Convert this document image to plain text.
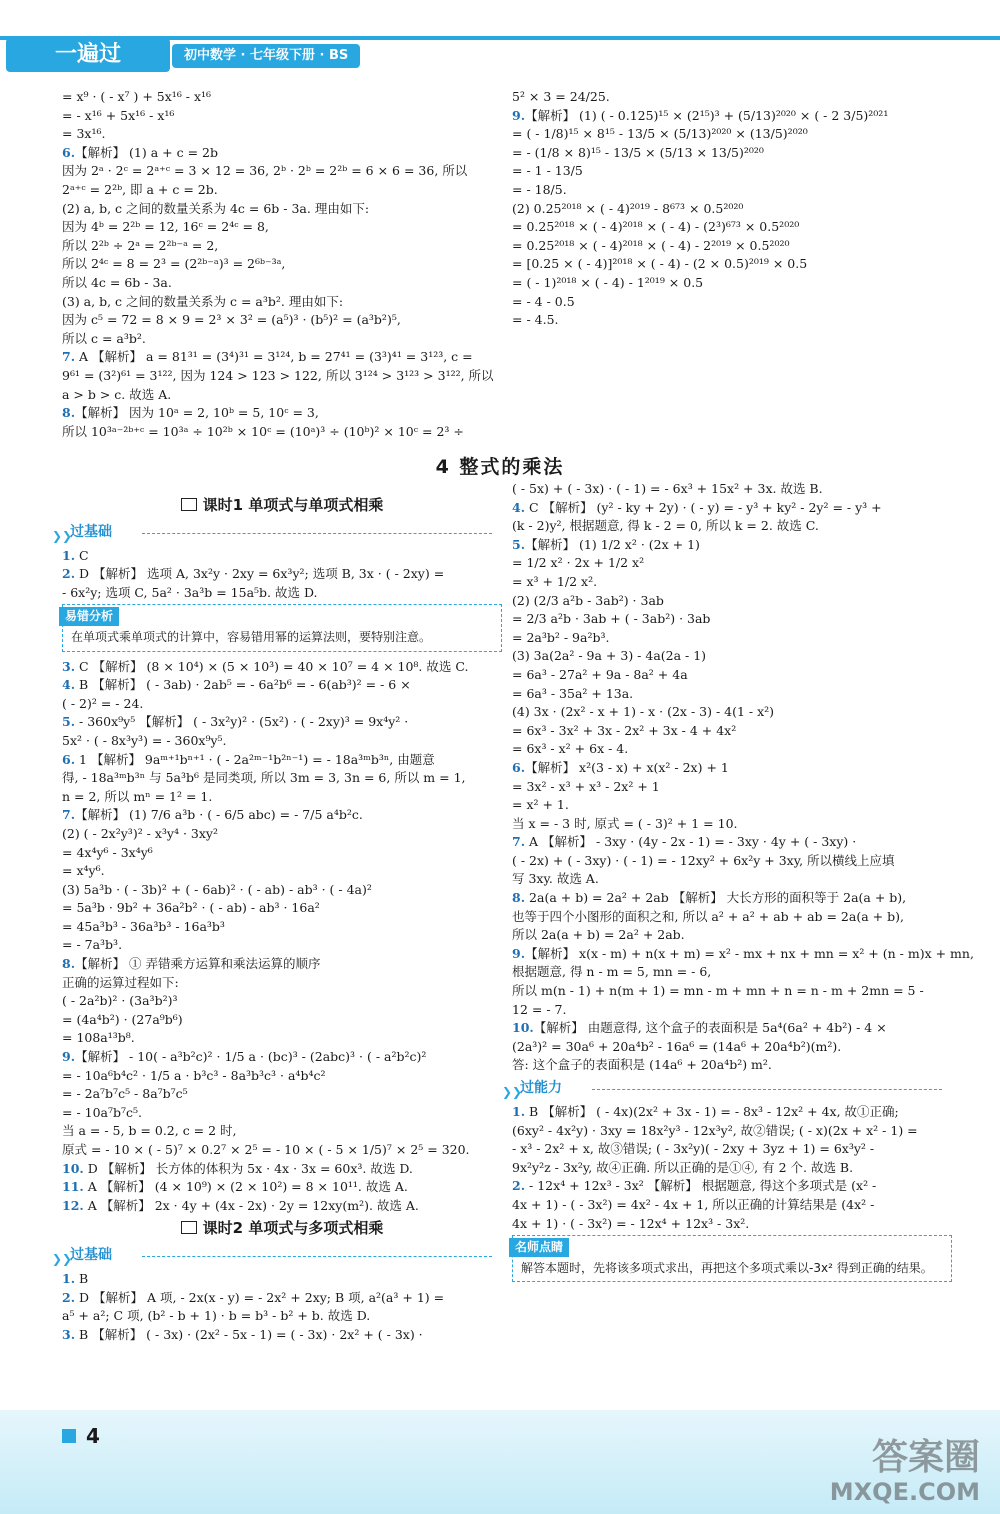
一遍过	初中数学 · 七年级下册 · BS

= x⁹ · ( - x⁷ ) + 5x¹⁶ - x¹⁶

= - x¹⁶ + 5x¹⁶ - x¹⁶

= 3x¹⁶.

6.【解析】 (1) a + c = 2b

因为 2ᵃ · 2ᶜ = 2ᵃ⁺ᶜ = 3 × 12 = 36, 2ᵇ · 2ᵇ = 2²ᵇ = 6 × 6 = 36, 所以

2ᵃ⁺ᶜ = 2²ᵇ, 即 a + c = 2b.

(2) a, b, c 之间的数量关系为 4c = 6b - 3a. 理由如下:

因为 4ᵇ = 2²ᵇ = 12, 16ᶜ = 2⁴ᶜ = 8,

所以 2²ᵇ ÷ 2ᵃ = 2²ᵇ⁻ᵃ = 2,

所以 2⁴ᶜ = 8 = 2³ = (2²ᵇ⁻ᵃ)³ = 2⁶ᵇ⁻³ᵃ,

所以 4c = 6b - 3a.

(3) a, b, c 之间的数量关系为 c = a³b². 理由如下:

因为 c⁵ = 72 = 8 × 9 = 2³ × 3² = (a⁵)³ · (b⁵)² = (a³b²)⁵,

所以 c = a³b².

7. A 【解析】 a = 81³¹ = (3⁴)³¹ = 3¹²⁴, b = 27⁴¹ = (3³)⁴¹ = 3¹²³, c =

9⁶¹ = (3²)⁶¹ = 3¹²², 因为 124 > 123 > 122, 所以 3¹²⁴ > 3¹²³ > 3¹²², 所以

a > b > c. 故选 A.

8.【解析】 因为 10ᵃ = 2, 10ᵇ = 5, 10ᶜ = 3,

所以 10³ᵃ⁻²ᵇ⁺ᶜ = 10³ᵃ ÷ 10²ᵇ × 10ᶜ = (10ᵃ)³ ÷ (10ᵇ)² × 10ᶜ = 2³ ÷

5² × 3 = 24/25.

9.【解析】 (1) ( - 0.125)¹⁵ × (2¹⁵)³ + (5/13)²⁰²⁰ × ( - 2 3/5)²⁰²¹

= ( - 1/8)¹⁵ × 8¹⁵ - 13/5 × (5/13)²⁰²⁰ × (13/5)²⁰²⁰

= - (1/8 × 8)¹⁵ - 13/5 × (5/13 × 13/5)²⁰²⁰

= - 1 - 13/5

= - 18/5.

(2) 0.25²⁰¹⁸ × ( - 4)²⁰¹⁹ - 8⁶⁷³ × 0.5²⁰²⁰

= 0.25²⁰¹⁸ × ( - 4)²⁰¹⁸ × ( - 4) - (2³)⁶⁷³ × 0.5²⁰²⁰

= 0.25²⁰¹⁸ × ( - 4)²⁰¹⁸ × ( - 4) - 2²⁰¹⁹ × 0.5²⁰²⁰

= [0.25 × ( - 4)]²⁰¹⁸ × ( - 4) - (2 × 0.5)²⁰¹⁹ × 0.5

= ( - 1)²⁰¹⁸ × ( - 4) - 1²⁰¹⁹ × 0.5

= - 4 - 0.5

= - 4.5.

4 整式的乘法

课时1 单项式与单项式相乘

❯❯
过基础

1. C

2. D 【解析】 选项 A, 3x²y · 2xy = 6x³y²; 选项 B, 3x · ( - 2xy) =

- 6x²y; 选项 C, 5a² · 3a³b = 15a⁵b. 故选 D.

易错分析

在单项式乘单项式的计算中，容易错用幂的运算法则，要特别注意。

3. C 【解析】 (8 × 10⁴) × (5 × 10³) = 40 × 10⁷ = 4 × 10⁸. 故选 C.

4. B 【解析】 ( - 3ab) · 2ab⁵ = - 6a²b⁶ = - 6(ab³)² = - 6 ×

( - 2)² = - 24.

5. - 360x⁹y⁵ 【解析】 ( - 3x²y)² · (5x²) · ( - 2xy)³ = 9x⁴y² ·

5x² · ( - 8x³y³) = - 360x⁹y⁵.

6. 1 【解析】 9aᵐ⁺¹bⁿ⁺¹ · ( - 2a²ᵐ⁻¹b²ⁿ⁻¹) = - 18a³ᵐb³ⁿ, 由题意

得, - 18a³ᵐb³ⁿ 与 5a³b⁶ 是同类项, 所以 3m = 3, 3n = 6, 所以 m = 1,

n = 2, 所以 mⁿ = 1² = 1.

7.【解析】 (1) 7/6 a³b · ( - 6/5 abc) = - 7/5 a⁴b²c.

(2) ( - 2x²y³)² - x³y⁴ · 3xy²

= 4x⁴y⁶ - 3x⁴y⁶

= x⁴y⁶.

(3) 5a³b · ( - 3b)² + ( - 6ab)² · ( - ab) - ab³ · ( - 4a)²

= 5a³b · 9b² + 36a²b² · ( - ab) - ab³ · 16a²

= 45a³b³ - 36a³b³ - 16a³b³

= - 7a³b³.

8.【解析】 ① 弄错乘方运算和乘法运算的顺序

正确的运算过程如下:

( - 2a²b)² · (3a³b²)³

= (4a⁴b²) · (27a⁹b⁶)

= 108a¹³b⁸.

9.【解析】 - 10( - a³b²c)² · 1/5 a · (bc)³ - (2abc)³ · ( - a²b²c)²

= - 10a⁶b⁴c² · 1/5 a · b³c³ - 8a³b³c³ · a⁴b⁴c²

= - 2a⁷b⁷c⁵ - 8a⁷b⁷c⁵

= - 10a⁷b⁷c⁵.

当 a = - 5, b = 0.2, c = 2 时,

原式 = - 10 × ( - 5)⁷ × 0.2⁷ × 2⁵ = - 10 × ( - 5 × 1/5)⁷ × 2⁵ = 320.

10. D 【解析】 长方体的体积为 5x · 4x · 3x = 60x³. 故选 D.

11. A 【解析】 (4 × 10⁹) × (2 × 10²) = 8 × 10¹¹. 故选 A.

12. A 【解析】 2x · 4y + (4x - 2x) · 2y = 12xy(m²). 故选 A.

课时2 单项式与多项式相乘

❯❯
过基础

1. B

2. D 【解析】 A 项, - 2x(x - y) = - 2x² + 2xy; B 项, a²(a³ + 1) =

a⁵ + a²; C 项, (b² - b + 1) · b = b³ - b² + b. 故选 D.

3. B 【解析】 ( - 3x) · (2x² - 5x - 1) = ( - 3x) · 2x² + ( - 3x) ·

( - 5x) + ( - 3x) · ( - 1) = - 6x³ + 15x² + 3x. 故选 B.

4. C 【解析】 (y² - ky + 2y) · ( - y) = - y³ + ky² - 2y² = - y³ +

(k - 2)y², 根据题意, 得 k - 2 = 0, 所以 k = 2. 故选 C.

5.【解析】 (1) 1/2 x² · (2x + 1)

= 1/2 x² · 2x + 1/2 x²

= x³ + 1/2 x².

(2) (2/3 a²b - 3ab²) · 3ab

= 2/3 a²b · 3ab + ( - 3ab²) · 3ab

= 2a³b² - 9a²b³.

(3) 3a(2a² - 9a + 3) - 4a(2a - 1)

= 6a³ - 27a² + 9a - 8a² + 4a

= 6a³ - 35a² + 13a.

(4) 3x · (2x² - x + 1) - x · (2x - 3) - 4(1 - x²)

= 6x³ - 3x² + 3x - 2x² + 3x - 4 + 4x²

= 6x³ - x² + 6x - 4.

6.【解析】 x²(3 - x) + x(x² - 2x) + 1

= 3x² - x³ + x³ - 2x² + 1

= x² + 1.

当 x = - 3 时, 原式 = ( - 3)² + 1 = 10.

7. A 【解析】 - 3xy · (4y - 2x - 1) = - 3xy · 4y + ( - 3xy) ·

( - 2x) + ( - 3xy) · ( - 1) = - 12xy² + 6x²y + 3xy, 所以横线上应填

写 3xy. 故选 A.

8. 2a(a + b) = 2a² + 2ab 【解析】 大长方形的面积等于 2a(a + b),

也等于四个小图形的面积之和, 所以 a² + a² + ab + ab = 2a(a + b),

所以 2a(a + b) = 2a² + 2ab.

9.【解析】 x(x - m) + n(x + m) = x² - mx + nx + mn = x² + (n - m)x + mn,

根据题意, 得 n - m = 5, mn = - 6,

所以 m(n - 1) + n(m + 1) = mn - m + mn + n = n - m + 2mn = 5 -

12 = - 7.

10.【解析】 由题意得, 这个盒子的表面积是 5a⁴(6a² + 4b²) - 4 ×

(2a³)² = 30a⁶ + 20a⁴b² - 16a⁶ = (14a⁶ + 20a⁴b²)(m²).

答: 这个盒子的表面积是 (14a⁶ + 20a⁴b²) m².

❯❯
过能力

1. B 【解析】 ( - 4x)(2x² + 3x - 1) = - 8x³ - 12x² + 4x, 故①正确;

(6xy² - 4x²y) · 3xy = 18x²y³ - 12x³y², 故②错误; ( - x)(2x + x² - 1) =

- x³ - 2x² + x, 故③错误; ( - 3x²y)( - 2xy + 3yz + 1) = 6x³y² -

9x²y²z - 3x²y, 故④正确. 所以正确的是①④, 有 2 个. 故选 B.

2. - 12x⁴ + 12x³ - 3x² 【解析】 根据题意, 得这个多项式是 (x² -

4x + 1) - ( - 3x²) = 4x² - 4x + 1, 所以正确的计算结果是 (4x² -

4x + 1) · ( - 3x²) = - 12x⁴ + 12x³ - 3x².

名师点睛

解答本题时，先将该多项式求出，再把这个多项式乘以-3x² 得到正确的结果。

4
答案圈
MXQE.COM
